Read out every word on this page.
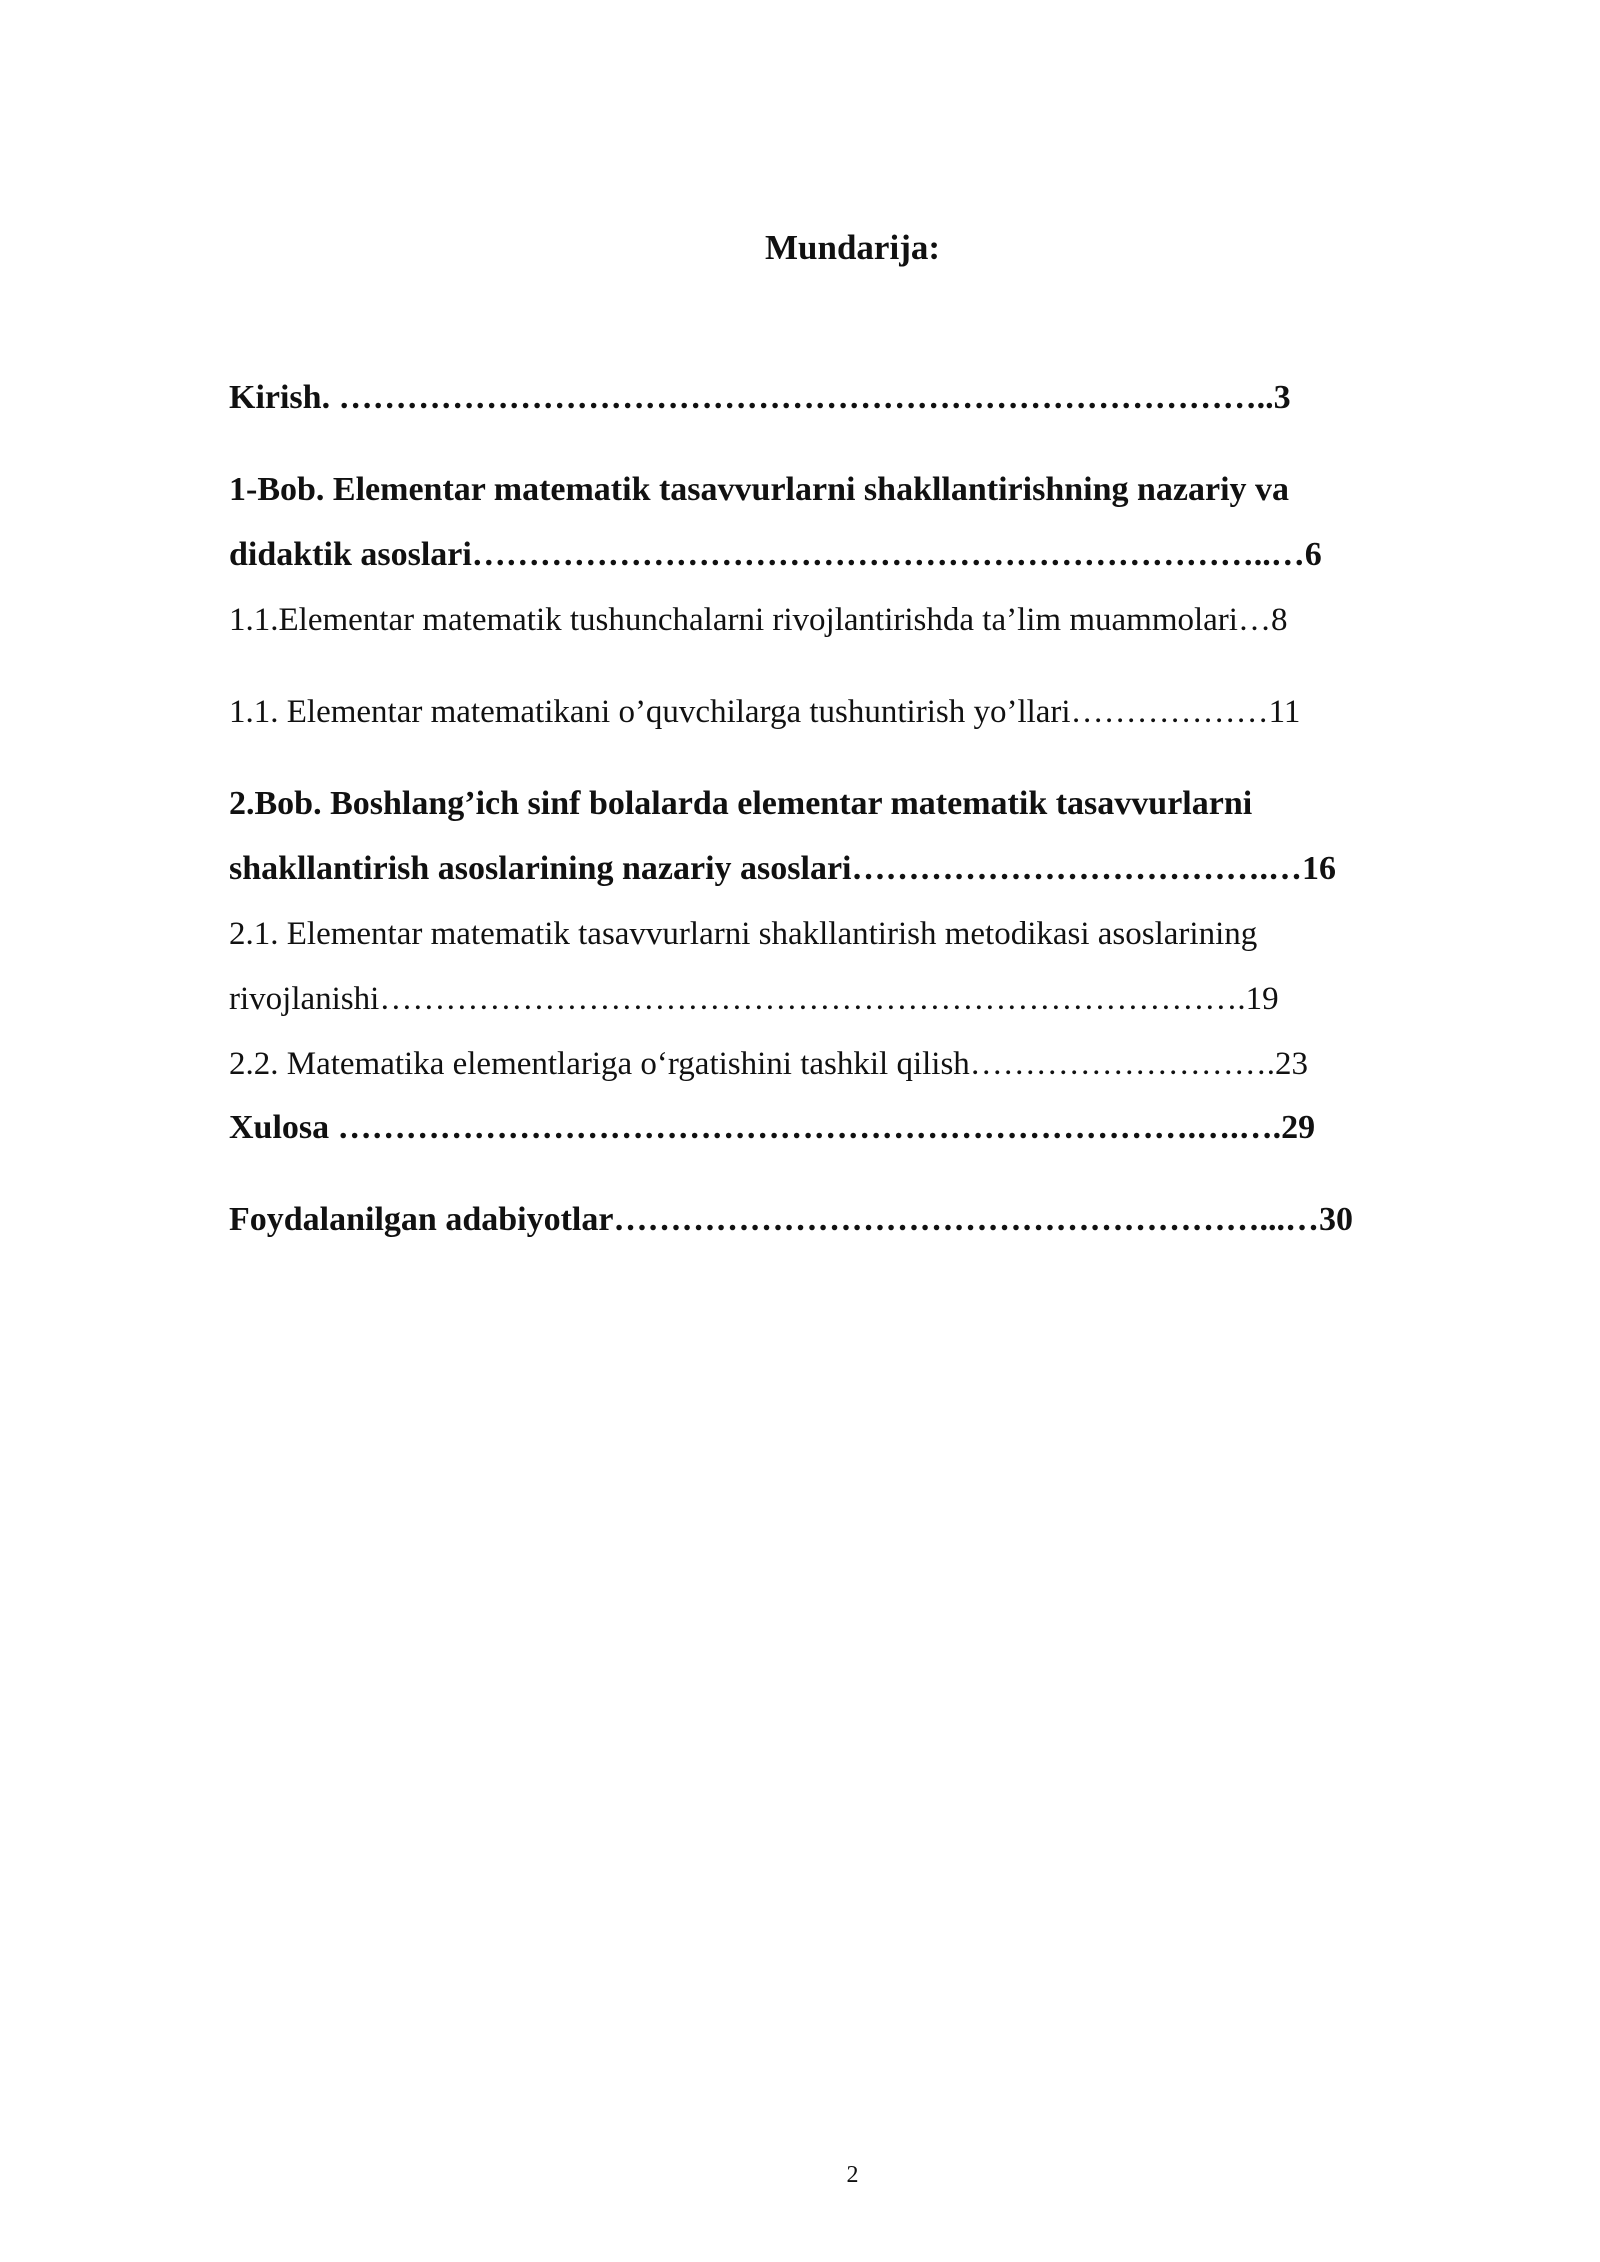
Mundarija:
Kirish. ………………………………………………………………………..3
1-Bob. Elementar matematik tasavvurlarni shakllantirishning nazariy va
didaktik asoslari……………………………………………………………..…6
1.1.Elementar matematik tushunchalarni rivojlantirishda ta’lim muammolari…8
1.1. Elementar matematikani o’quvchilarga tushuntirish yo’llari………………11
2.Bob. Boshlang’ich sinf bolalarda elementar matematik tasavvurlarni
shakllantirish asoslarining nazariy asoslari……………………………….…16
2.1. Elementar matematik tasavvurlarni shakllantirish metodikasi asoslarining
rivojlanishi…………………………………………………………………….19
2.2. Matematika elementlariga o‘rgatishini tashkil qilish……………………….23
Xulosa ………………………………………………………………….….….29
Foydalanilgan adabiyotlar…………………………………………………...…30
2
